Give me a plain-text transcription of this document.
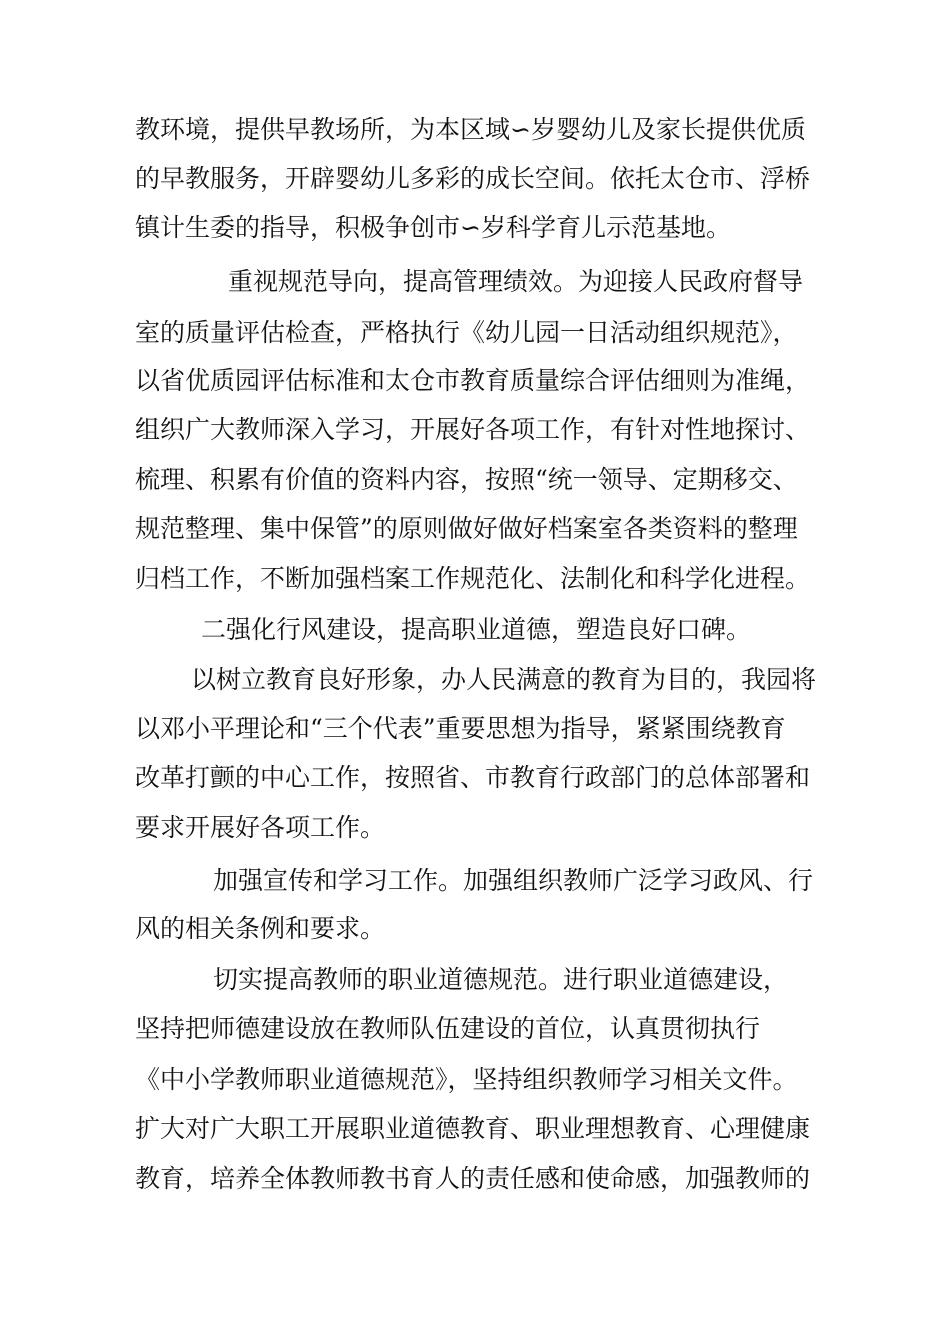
教环境，提供早教场所，为本区域∽岁婴幼儿及家长提供优质
的早教服务，开辟婴幼儿多彩的成长空间。依托太仓市、浮桥
镇计生委的指导，积极争创市∽岁科学育儿示范基地。
重视规范导向，提高管理绩效。为迎接人民政府督导
室的质量评估检查，严格执行《幼儿园一日活动组织规范》，
以省优质园评估标准和太仓市教育质量综合评估细则为准绳，
组织广大教师深入学习，开展好各项工作，有针对性地探讨、
梳理、积累有价值的资料内容，按照“统一领导、定期移交、
规范整理、集中保管”的原则做好做好档案室各类资料的整理
归档工作，不断加强档案工作规范化、法制化和科学化进程。
二强化行风建设，提高职业道德，塑造良好口碑。
以树立教育良好形象，办人民满意的教育为目的，我园将
以邓小平理论和“三个代表”重要思想为指导，紧紧围绕教育
改革打颤的中心工作，按照省、市教育行政部门的总体部署和
要求开展好各项工作。
加强宣传和学习工作。加强组织教师广泛学习政风、行
风的相关条例和要求。
切实提高教师的职业道德规范。进行职业道德建设，
坚持把师德建设放在教师队伍建设的首位，认真贯彻执行
《中小学教师职业道德规范》，坚持组织教师学习相关文件。
扩大对广大职工开展职业道德教育、职业理想教育、心理健康
教育，培养全体教师教书育人的责任感和使命感，加强教师的
